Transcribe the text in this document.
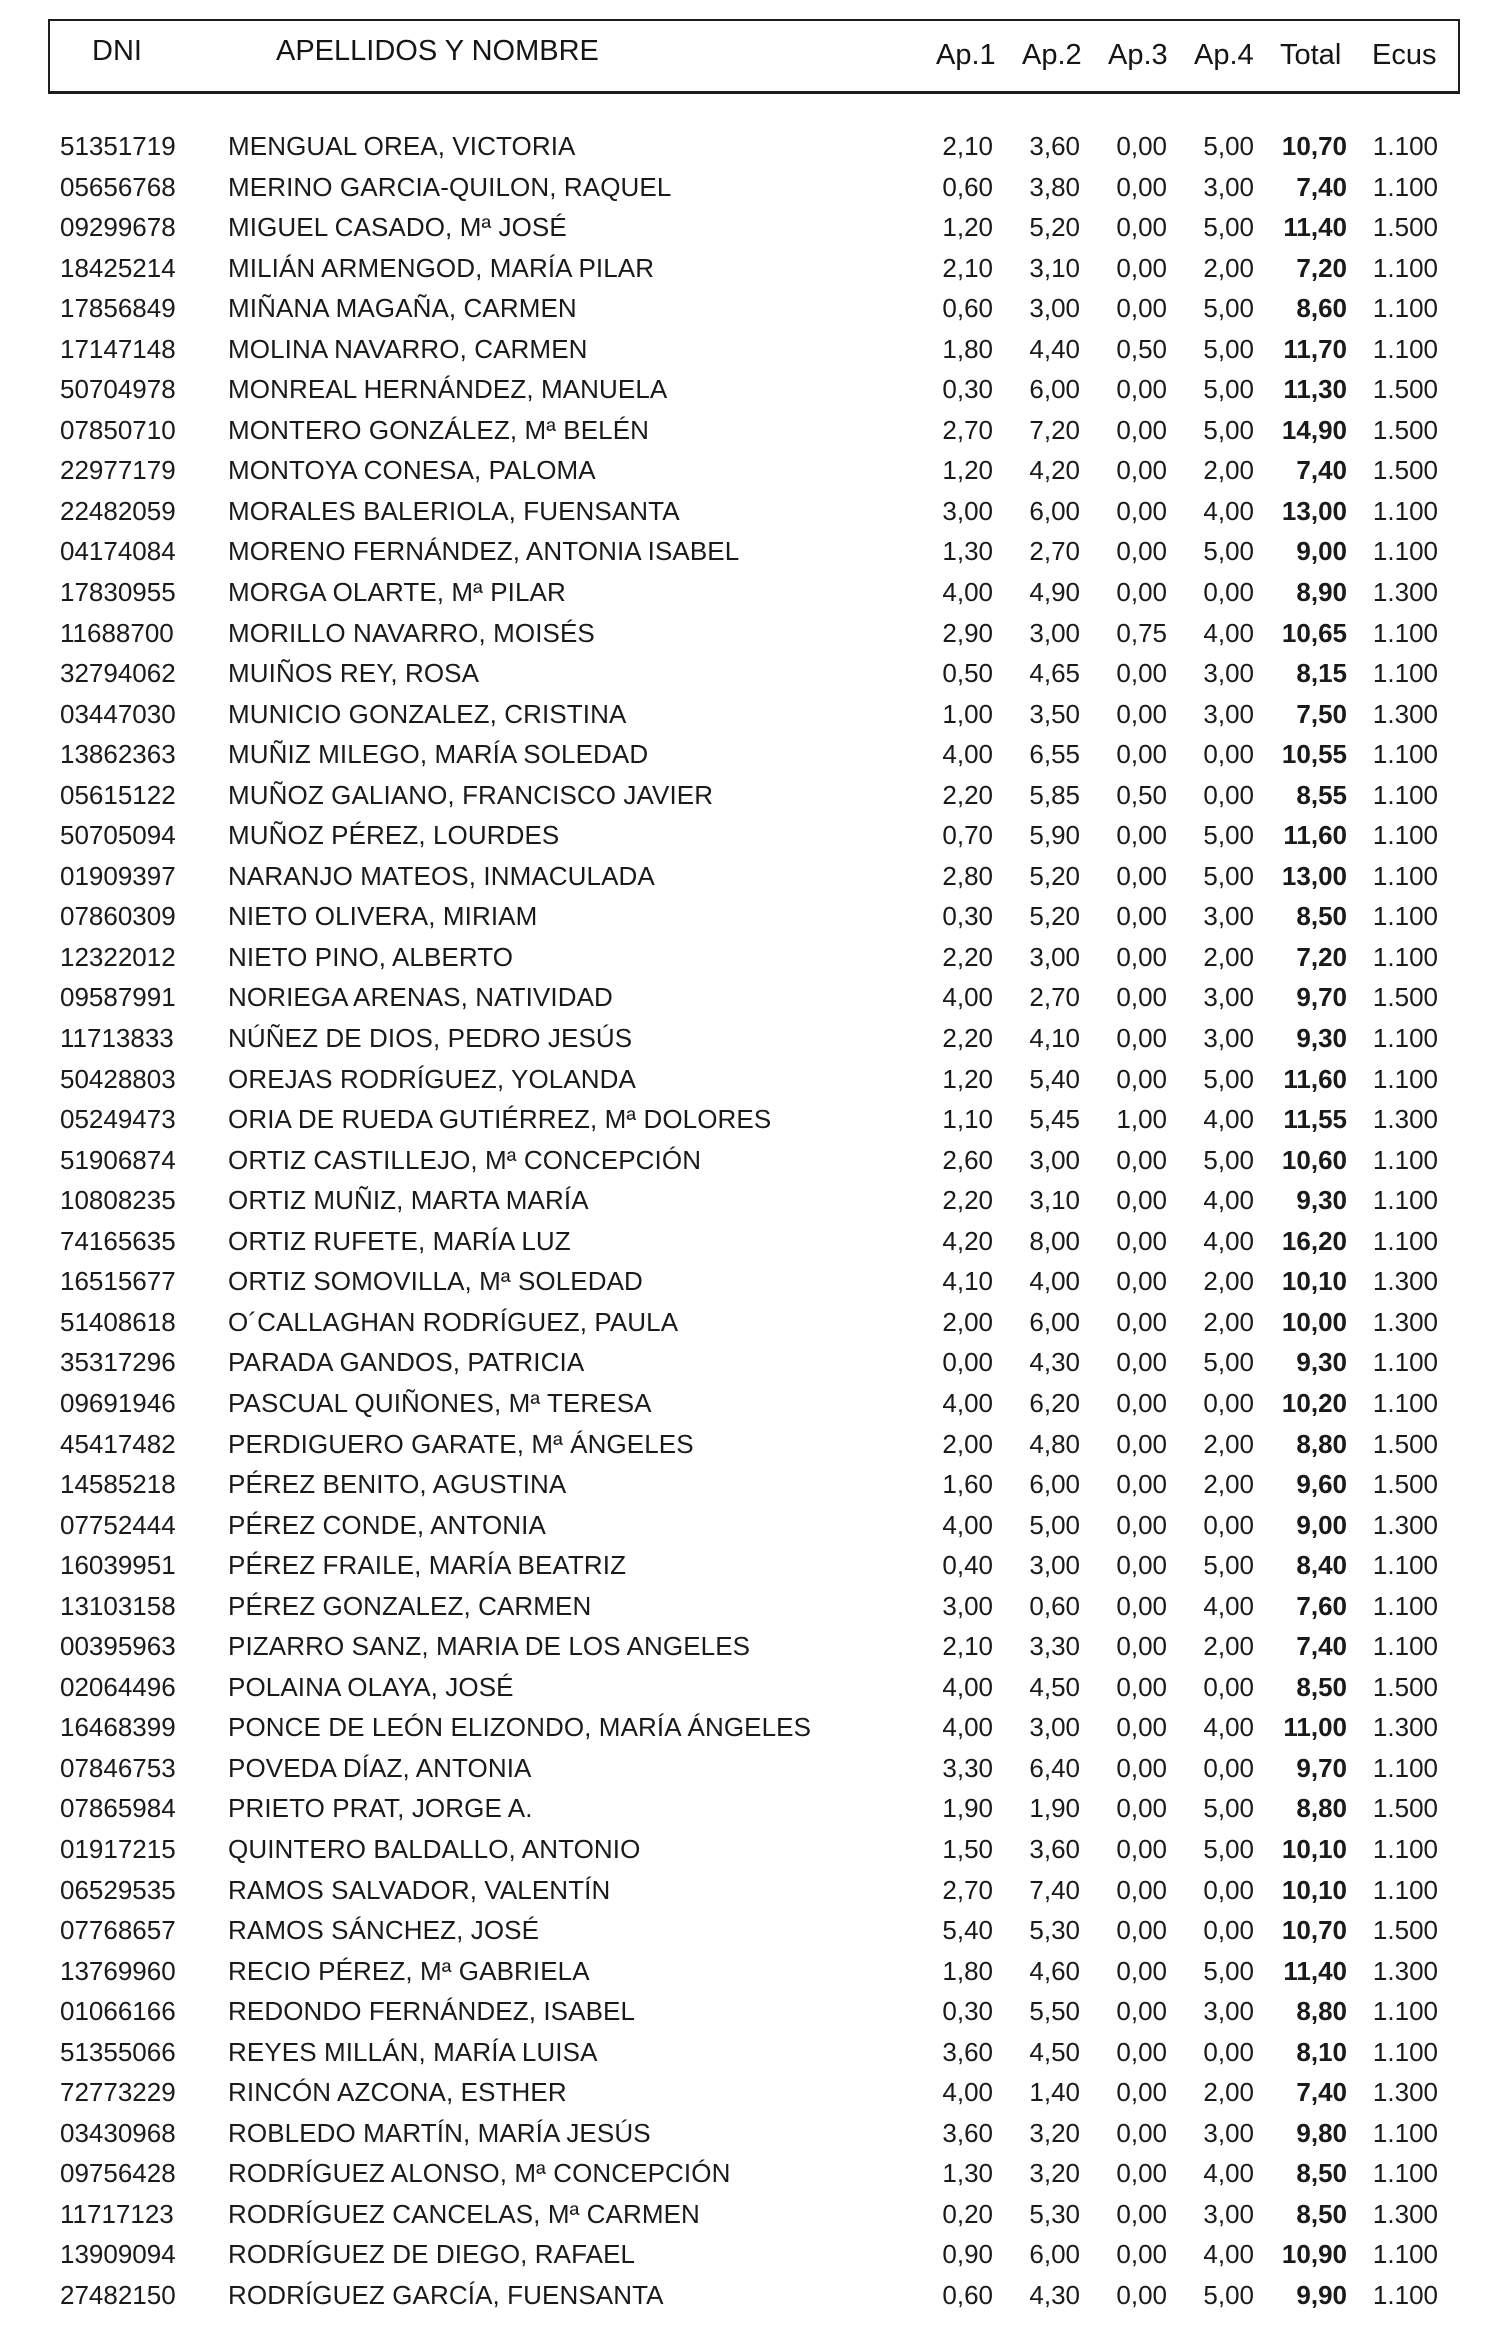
DNI	APELLIDOS Y NOMBRE	Ap.1 Ap.2 Ap.3 Ap.4 Total Ecus
51351719 MENGUAL OREA, VICTORIA	2,10 3,60 0,00 5,00 10,70 1.100
05656768 MERINO GARCIA-QUILON, RAQUEL	0,60 3,80 0,00 3,00 7,40 1.100
09299678 MIGUEL CASADO, Mª JOSÉ	1,20 5,20 0,00 5,00 11,40 1.500
18425214 MILIÁN ARMENGOD, MARÍA PILAR	2,10 3,10 0,00 2,00 7,20 1.100
17856849 MIÑANA MAGAÑA, CARMEN	0,60 3,00 0,00 5,00 8,60 1.100
17147148 MOLINA NAVARRO, CARMEN	1,80 4,40 0,50 5,00 11,70 1.100
50704978 MONREAL HERNÁNDEZ, MANUELA	0,30 6,00 0,00 5,00 11,30 1.500
07850710 MONTERO GONZÁLEZ, Mª BELÉN	2,70 7,20 0,00 5,00 14,90 1.500
22977179 MONTOYA CONESA, PALOMA	1,20 4,20 0,00 2,00 7,40 1.500
22482059 MORALES BALERIOLA, FUENSANTA	3,00 6,00 0,00 4,00 13,00 1.100
04174084 MORENO FERNÁNDEZ, ANTONIA ISABEL	1,30 2,70 0,00 5,00 9,00 1.100
17830955 MORGA OLARTE, Mª PILAR	4,00 4,90 0,00 0,00 8,90 1.300
11688700 MORILLO NAVARRO, MOISÉS	2,90 3,00 0,75 4,00 10,65 1.100
32794062 MUIÑOS REY, ROSA	0,50 4,65 0,00 3,00 8,15 1.100
03447030 MUNICIO GONZALEZ, CRISTINA	1,00 3,50 0,00 3,00 7,50 1.300
13862363 MUÑIZ MILEGO, MARÍA SOLEDAD	4,00 6,55 0,00 0,00 10,55 1.100
05615122 MUÑOZ GALIANO, FRANCISCO JAVIER	2,20 5,85 0,50 0,00 8,55 1.100
50705094 MUÑOZ PÉREZ, LOURDES	0,70 5,90 0,00 5,00 11,60 1.100
01909397 NARANJO MATEOS, INMACULADA	2,80 5,20 0,00 5,00 13,00 1.100
07860309 NIETO OLIVERA, MIRIAM	0,30 5,20 0,00 3,00 8,50 1.100
12322012 NIETO PINO, ALBERTO	2,20 3,00 0,00 2,00 7,20 1.100
09587991 NORIEGA ARENAS, NATIVIDAD	4,00 2,70 0,00 3,00 9,70 1.500
11713833 NÚÑEZ DE DIOS, PEDRO JESÚS	2,20 4,10 0,00 3,00 9,30 1.100
50428803 OREJAS RODRÍGUEZ, YOLANDA	1,20 5,40 0,00 5,00 11,60 1.100
05249473 ORIA DE RUEDA GUTIÉRREZ, Mª DOLORES	1,10 5,45 1,00 4,00 11,55 1.300
51906874 ORTIZ CASTILLEJO, Mª CONCEPCIÓN	2,60 3,00 0,00 5,00 10,60 1.100
10808235 ORTIZ MUÑIZ, MARTA MARÍA	2,20 3,10 0,00 4,00 9,30 1.100
74165635 ORTIZ RUFETE, MARÍA LUZ	4,20 8,00 0,00 4,00 16,20 1.100
16515677 ORTIZ SOMOVILLA, Mª SOLEDAD	4,10 4,00 0,00 2,00 10,10 1.300
51408618 O´CALLAGHAN RODRÍGUEZ, PAULA	2,00 6,00 0,00 2,00 10,00 1.300
35317296 PARADA GANDOS, PATRICIA	0,00 4,30 0,00 5,00 9,30 1.100
09691946 PASCUAL QUIÑONES, Mª TERESA	4,00 6,20 0,00 0,00 10,20 1.100
45417482 PERDIGUERO GARATE, Mª ÁNGELES	2,00 4,80 0,00 2,00 8,80 1.500
14585218 PÉREZ BENITO, AGUSTINA	1,60 6,00 0,00 2,00 9,60 1.500
07752444 PÉREZ CONDE, ANTONIA	4,00 5,00 0,00 0,00 9,00 1.300
16039951 PÉREZ FRAILE, MARÍA BEATRIZ	0,40 3,00 0,00 5,00 8,40 1.100
13103158 PÉREZ GONZALEZ, CARMEN	3,00 0,60 0,00 4,00 7,60 1.100
00395963 PIZARRO SANZ, MARIA DE LOS ANGELES	2,10 3,30 0,00 2,00 7,40 1.100
02064496 POLAINA OLAYA, JOSÉ	4,00 4,50 0,00 0,00 8,50 1.500
16468399 PONCE DE LEÓN ELIZONDO, MARÍA ÁNGELES	4,00 3,00 0,00 4,00 11,00 1.300
07846753 POVEDA DÍAZ, ANTONIA	3,30 6,40 0,00 0,00 9,70 1.100
07865984 PRIETO PRAT, JORGE A.	1,90 1,90 0,00 5,00 8,80 1.500
01917215 QUINTERO BALDALLO, ANTONIO	1,50 3,60 0,00 5,00 10,10 1.100
06529535 RAMOS SALVADOR, VALENTÍN	2,70 7,40 0,00 0,00 10,10 1.100
07768657 RAMOS SÁNCHEZ, JOSÉ	5,40 5,30 0,00 0,00 10,70 1.500
13769960 RECIO PÉREZ, Mª GABRIELA	1,80 4,60 0,00 5,00 11,40 1.300
01066166 REDONDO FERNÁNDEZ, ISABEL	0,30 5,50 0,00 3,00 8,80 1.100
51355066 REYES MILLÁN, MARÍA LUISA	3,60 4,50 0,00 0,00 8,10 1.100
72773229 RINCÓN AZCONA, ESTHER	4,00 1,40 0,00 2,00 7,40 1.300
03430968 ROBLEDO MARTÍN, MARÍA JESÚS	3,60 3,20 0,00 3,00 9,80 1.100
09756428 RODRÍGUEZ ALONSO, Mª CONCEPCIÓN	1,30 3,20 0,00 4,00 8,50 1.100
11717123 RODRÍGUEZ CANCELAS, Mª CARMEN	0,20 5,30 0,00 3,00 8,50 1.300
13909094 RODRÍGUEZ DE DIEGO, RAFAEL	0,90 6,00 0,00 4,00 10,90 1.100
27482150 RODRÍGUEZ GARCÍA, FUENSANTA	0,60 4,30 0,00 5,00 9,90 1.100
